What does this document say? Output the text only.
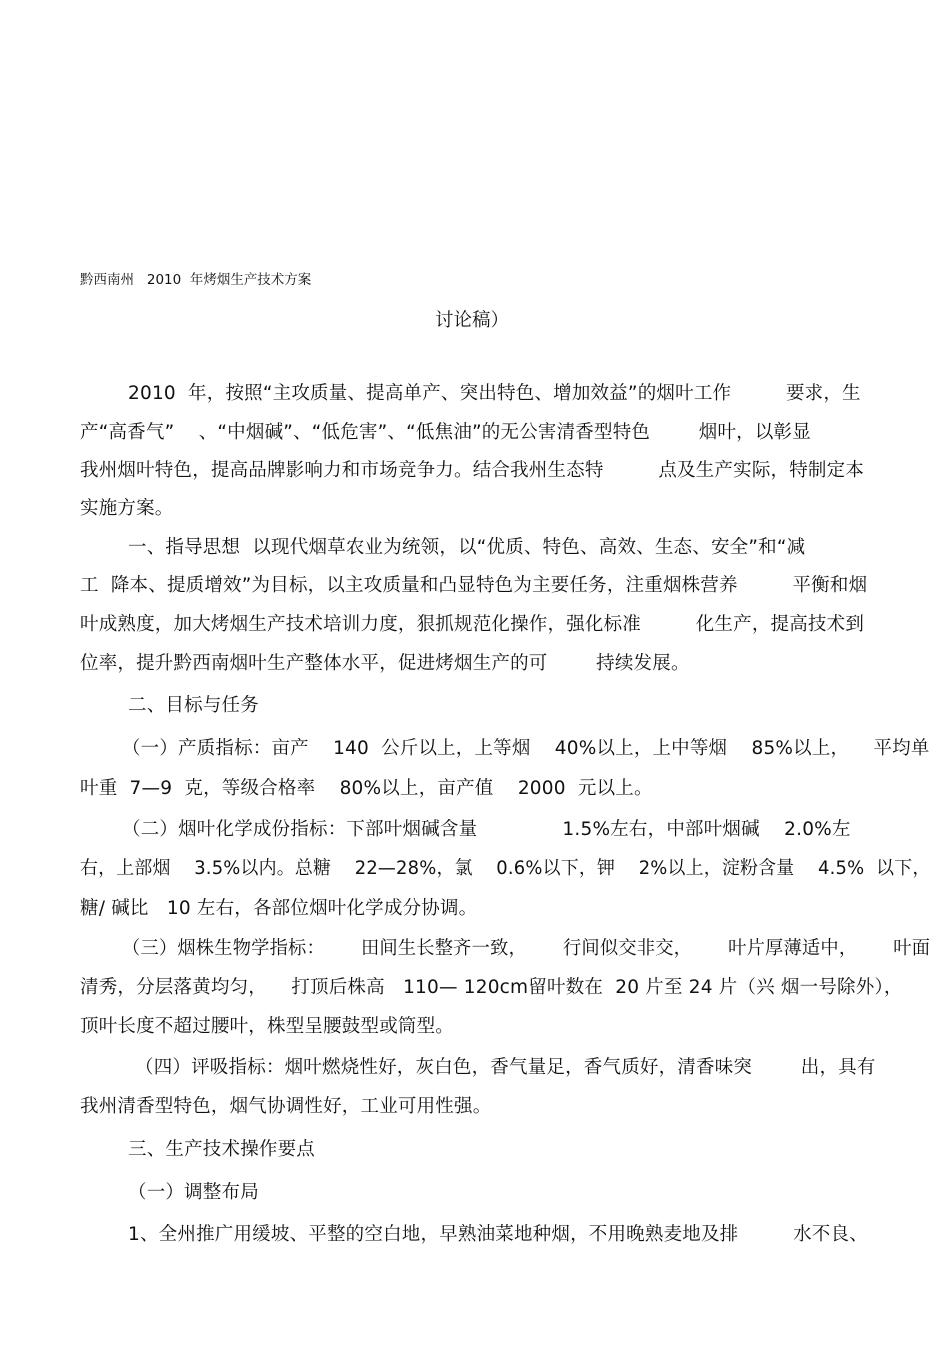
黔西南州   2010  年烤烟生产技术方案
讨论稿）
2010  年，按照“主攻质量、提高单产、突出特色、增加效益”的烟叶工作         要求，生
产“高香气”    、“中烟碱”、“低危害”、“低焦油”的无公害清香型特色        烟叶，以彰显
我州烟叶特色，提高品牌影响力和市场竞争力。结合我州生态特         点及生产实际，特制定本
实施方案。
一、指导思想  以现代烟草农业为统领，以“优质、特色、高效、生态、安全”和“减
工  降本、提质增效”为目标，以主攻质量和凸显特色为主要任务，注重烟株营养         平衡和烟
叶成熟度，加大烤烟生产技术培训力度，狠抓规范化操作，强化标准         化生产，提高技术到
位率，提升黔西南烟叶生产整体水平，促进烤烟生产的可        持续发展。
二、目标与任务
（一）产质指标：亩产    140  公斤以上，上等烟    40%以上，上中等烟    85%以上，    平均单
叶重  7—9  克，等级合格率    80%以上，亩产值    2000  元以上。
（二）烟叶化学成份指标：下部叶烟碱含量              1.5%左右，中部叶烟碱    2.0%左
右，上部烟    3.5%以内。总糖    22—28%，氯    0.6%以下，钾    2%以上，淀粉含量    4.5%  以下，
糖/ 碱比   10 左右，各部位烟叶化学成分协调。
（三）烟株生物学指标：      田间生长整齐一致，      行间似交非交，      叶片厚薄适中，      叶面
清秀，分层落黄均匀，    打顶后株高   110— 120cm留叶数在  20 片至 24 片（兴 烟一号除外），
顶叶长度不超过腰叶，株型呈腰鼓型或筒型。
（四）评吸指标：烟叶燃烧性好，灰白色，香气量足，香气质好，清香味突        出，具有
我州清香型特色，烟气协调性好，工业可用性强。
三、生产技术操作要点
（一）调整布局
1、全州推广用缓坡、平整的空白地，早熟油菜地种烟，不用晚熟麦地及排         水不良、
